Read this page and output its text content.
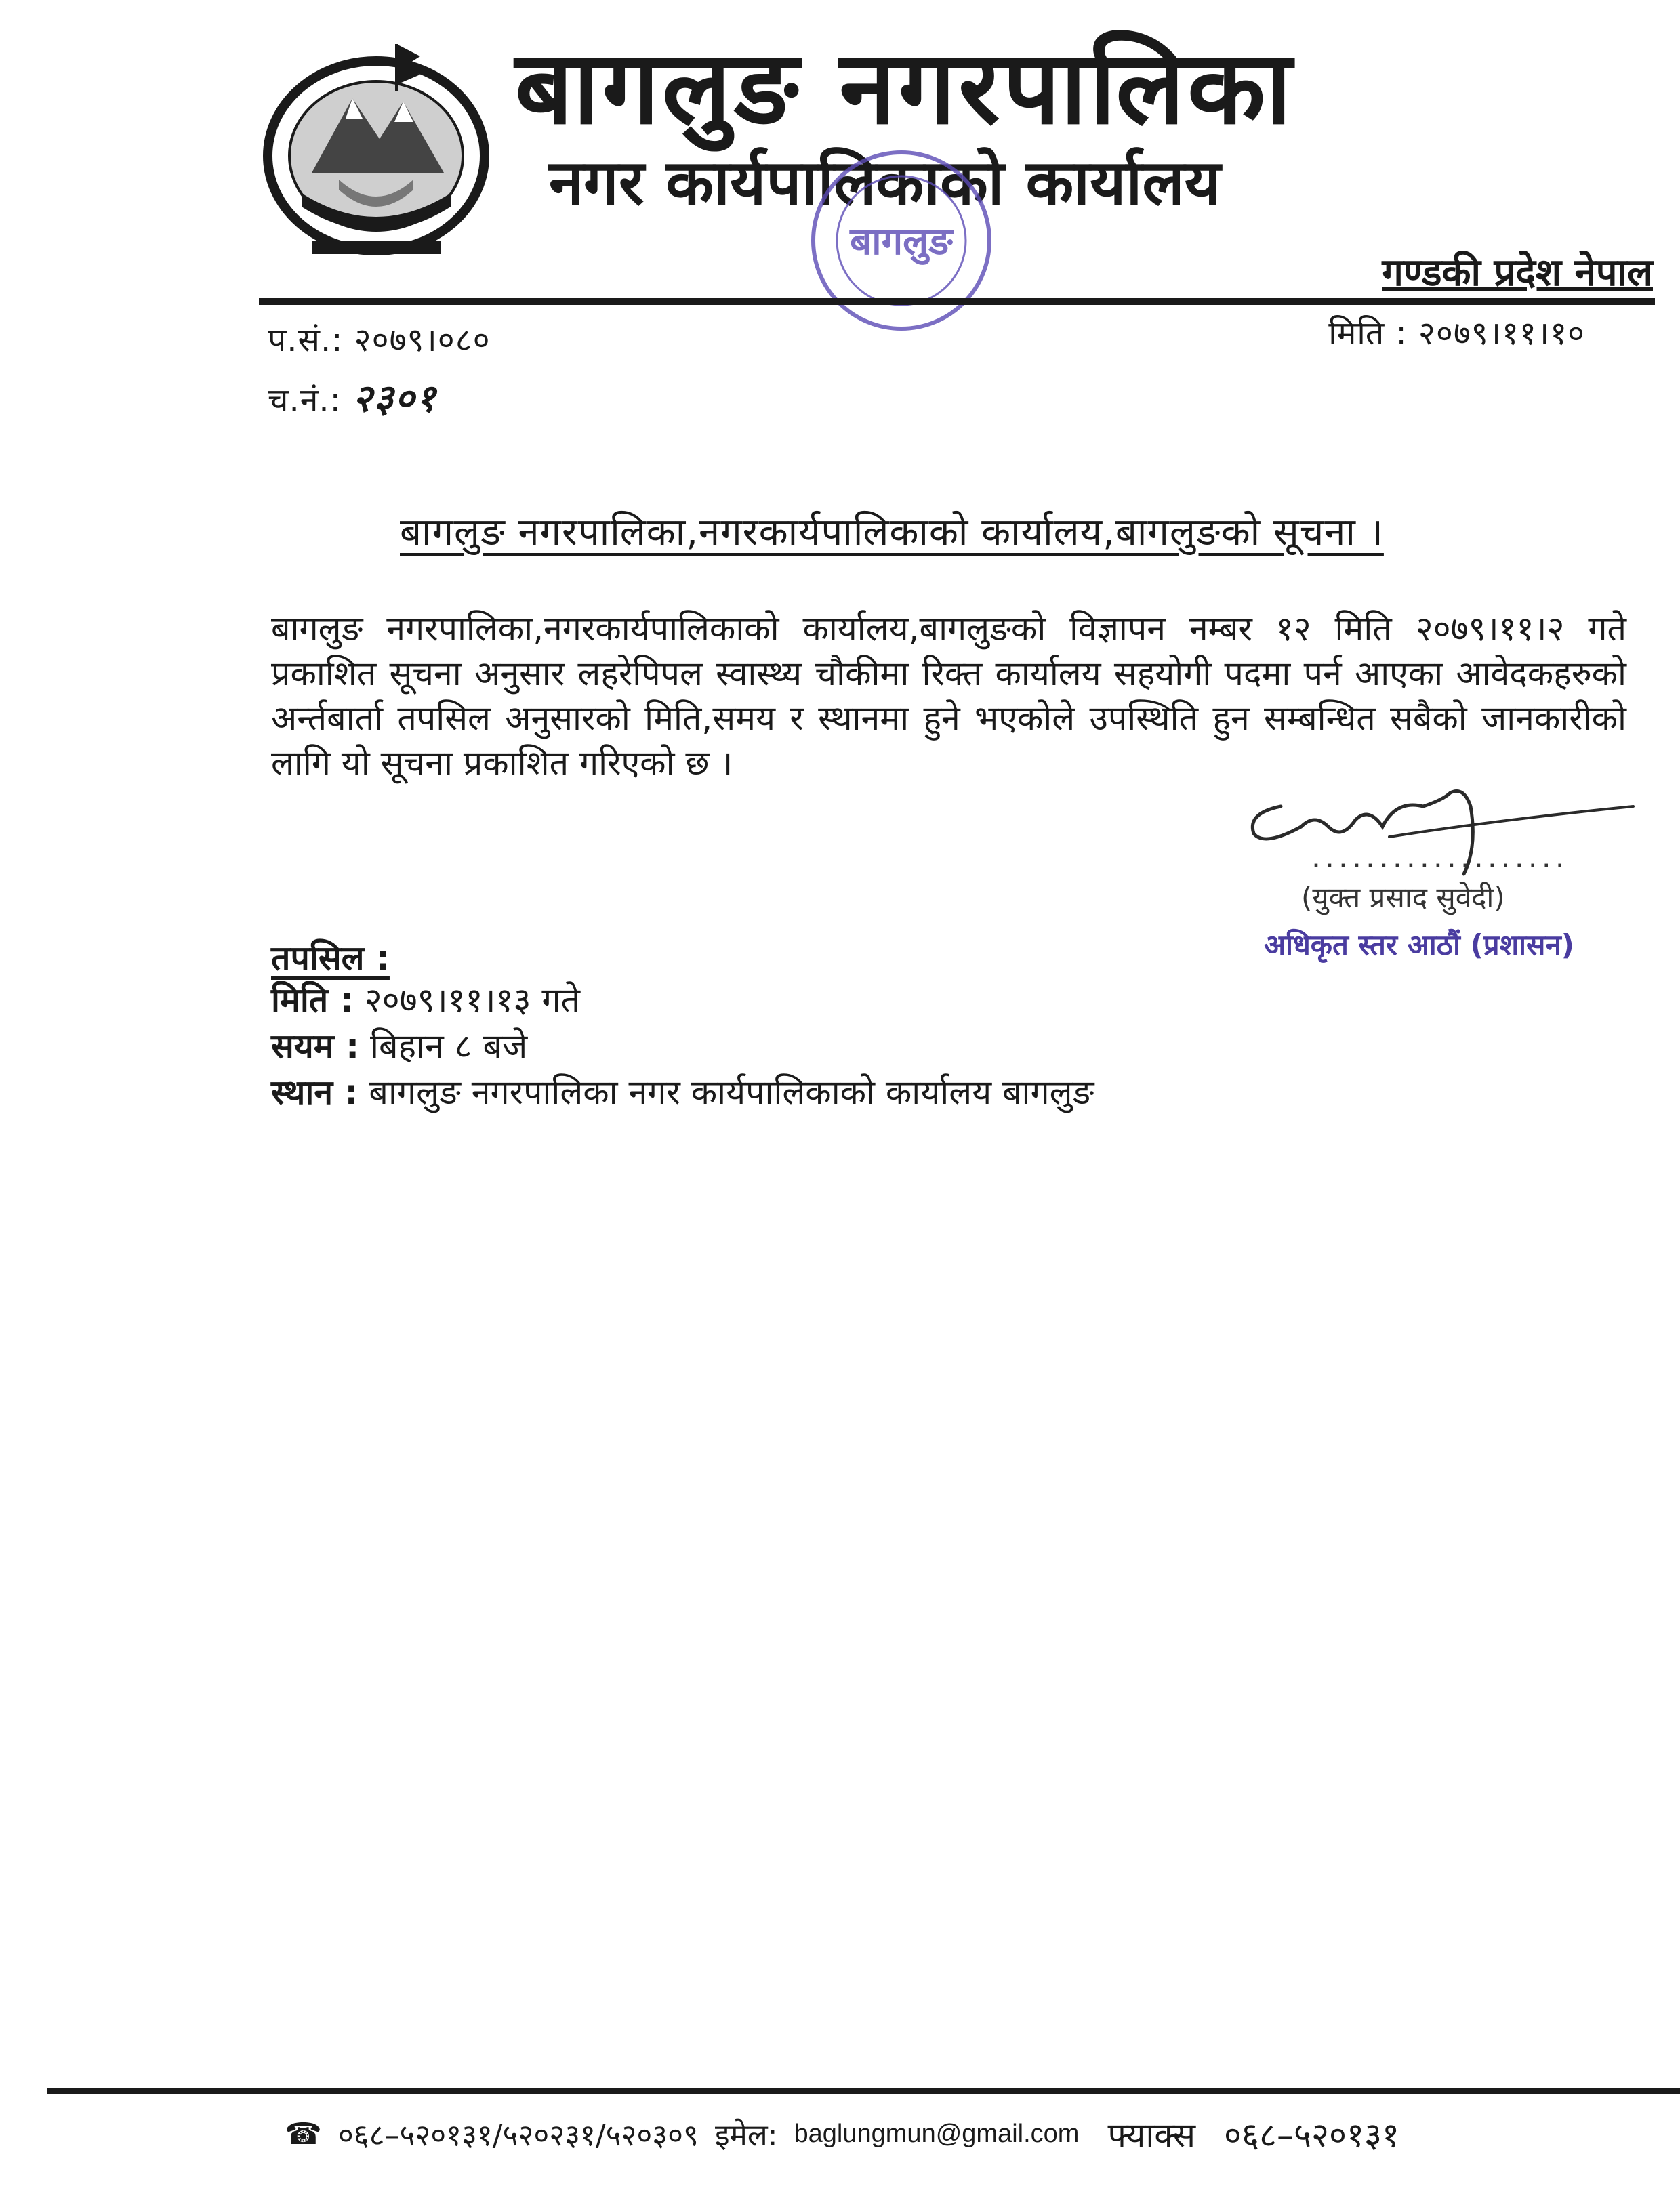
बागलुङ नगरपालिका
नगर कार्यपालिकाको कार्यालय
बागलुङ
गण्डकी प्रदेश नेपाल
प.सं.: २०७९।०८०
च.नं.: २३०१
मिति : २०७९।११।१०
बागलुङ नगरपालिका,नगरकार्यपालिकाको कार्यालय,बागलुङको सूचना ।
बागलुङ नगरपालिका,नगरकार्यपालिकाको कार्यालय,बागलुङको विज्ञापन नम्बर १२ मिति २०७९।११।२ गते प्रकाशित सूचना अनुसार लहरेपिपल स्वास्थ्य चौकीमा रिक्त कार्यालय सहयोगी पदमा पर्न आएका आवेदकहरुको अर्न्तबार्ता तपसिल अनुसारको मिति,समय र स्थानमा हुने भएकोले उपस्थिति हुन सम्बन्धित सबैको जानकारीको लागि यो सूचना प्रकाशित गरिएको छ ।
...................
(युक्त प्रसाद सुवेदी)
अधिकृत स्तर आठौं (प्रशासन)
तपसिल :
मिति : २०७९।११।१३ गते
सयम : बिहान ८ बजे
स्थान : बागलुङ नगरपालिका नगर कार्यपालिकाको कार्यालय बागलुङ
☎ ०६८–५२०१३१/५२०२३१/५२०३०९ इमेल: baglungmun@gmail.com फ्याक्स ०६८–५२०१३१
